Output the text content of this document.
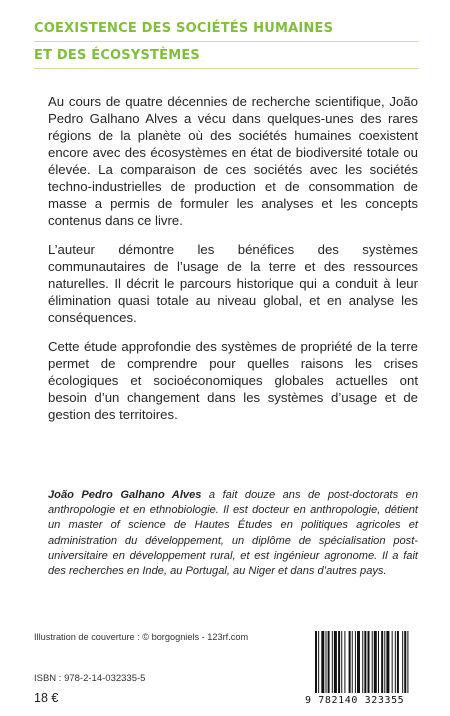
COEXISTENCE DES SOCIÉTÉS HUMAINES
ET DES ÉCOSYSTÈMES

Au cours de quatre décennies de recherche scientifique, João Pedro Galhano Alves a vécu dans quelques-unes des rares régions de la planète où des sociétés humaines coexistent encore avec des écosystèmes en état de biodiversité totale ou élevée. La comparaison de ces sociétés avec les sociétés techno-industrielles de production et de consommation de masse a permis de formuler les analyses et les concepts contenus dans ce livre.

L’auteur démontre les bénéfices des systèmes communautaires de l’usage de la terre et des ressources naturelles. Il décrit le parcours historique qui a conduit à leur élimination quasi totale au niveau global, et en analyse les conséquences.

Cette étude approfondie des systèmes de propriété de la terre permet de comprendre pour quelles raisons les crises écologiques et socioéconomiques globales actuelles ont besoin d’un changement dans les systèmes d’usage et de gestion des territoires.

João Pedro Galhano Alves a fait douze ans de post-doctorats en anthropologie et en ethnobiologie. Il est docteur en anthropologie, détient un master of science de Hautes Études en politiques agricoles et administration du développement, un diplôme de spécialisation post-universitaire en développement rural, et est ingénieur agronome. Il a fait des recherches en Inde, au Portugal, au Niger et dans d’autres pays.
Illustration de couverture : © borgogniels - 123rf.com
ISBN : 978-2-14-032335-5
18 €	9 782140 323355
